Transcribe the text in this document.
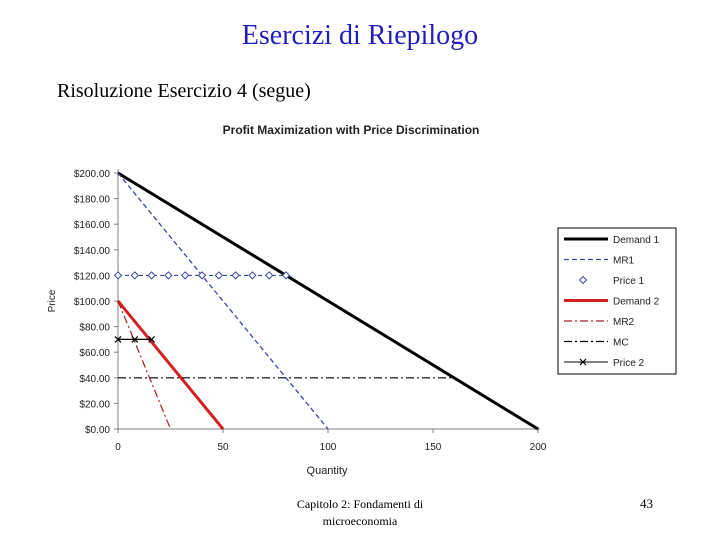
Esercizi di Riepilogo
Risoluzione Esercizio 4 (segue)
Profit Maximization with Price Discrimination
$0.00
$20.00
$40.00
$60.00
$80.00
$100.00
$120.00
$140.00
$160.00
$180.00
$200.00
0	50	100	150	200
Quantity
Price
Demand 1
MR1
Price 1
Demand 2
MR2
MC
Price 2
Capitolo 2: Fondamenti di
microeconomia
43
